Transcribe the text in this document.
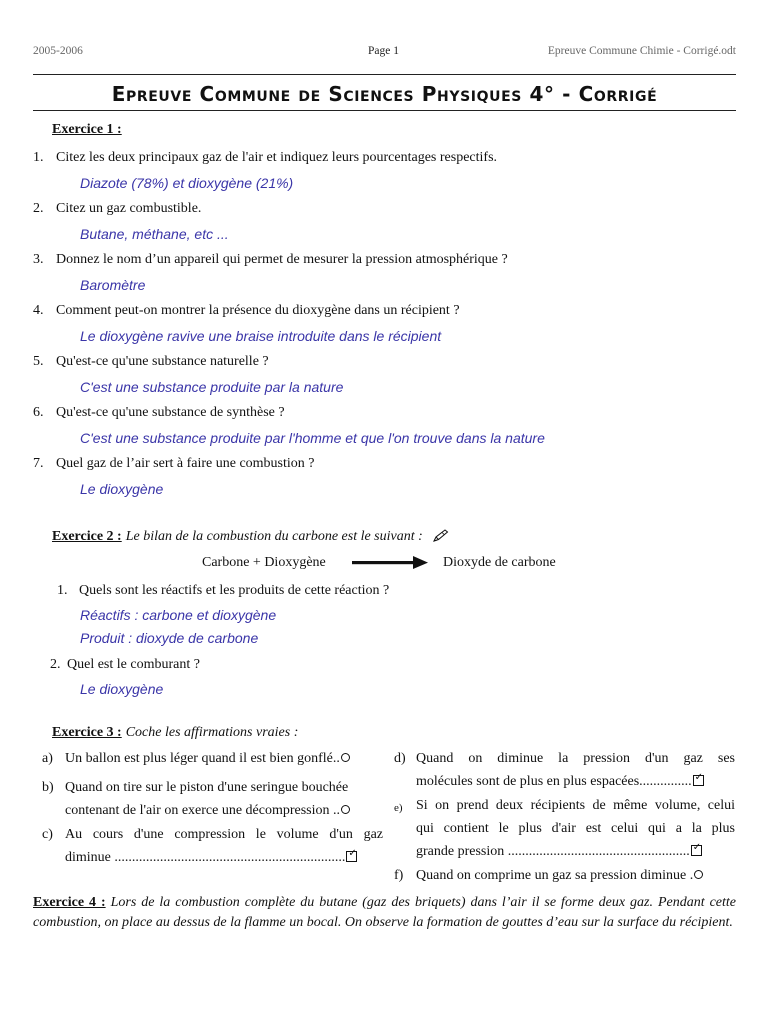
2005-2006	Page 1	Epreuve Commune Chimie - Corrigé.odt
Epreuve Commune de Sciences Physiques 4° - Corrigé
Exercice 1 :
1. Citez les deux principaux gaz de l'air et indiquez leurs pourcentages respectifs.
Diazote (78%) et dioxygène (21%)
2. Citez un gaz combustible.
Butane, méthane, etc ...
3. Donnez le nom d’un appareil qui permet de mesurer la pression atmosphérique ?
Baromètre
4. Comment peut-on montrer la présence du dioxygène dans un récipient ?
Le dioxygène ravive une braise introduite dans le récipient
5. Qu'est-ce qu'une substance naturelle ?
C'est une substance produite par la nature
6. Qu'est-ce qu'une substance de synthèse ?
C'est une substance produite par l'homme et que l'on trouve dans la nature
7. Quel gaz de l’air sert à faire une combustion ?
Le dioxygène
Exercice 2 : Le bilan de la combustion du carbone est le suivant :
Carbone + Dioxygène	Dioxyde de carbone
1. Quels sont les réactifs et les produits de cette réaction ?
Réactifs : carbone et dioxygène
Produit : dioxyde de carbone
2. Quel est le comburant ?
Le dioxygène
Exercice 3 : Coche les affirmations vraies :
a) Un ballon est plus léger quand il est bien gonflé..
b) Quand on tire sur le piston d'une seringue bouchée
contenant de l'air on exerce une décompression ..
c) Au cours d'une compression le volume d'un gaz
diminue .................................................................. ✓
d) Quand on diminue la pression d'un gaz ses
molécules sont de plus en plus espacées............... ✓
e) Si on prend deux récipients de même volume, celui
qui contient le plus d'air est celui qui a la plus
grande pression .................................................... ✓
f) Quand on comprime un gaz sa pression diminue .
Exercice 4 : Lors de la combustion complète du butane (gaz des briquets) dans l’air il se forme deux gaz. Pendant cette combustion, on place au dessus de la flamme un bocal. On observe la formation de gouttes d’eau sur la surface du récipient.
